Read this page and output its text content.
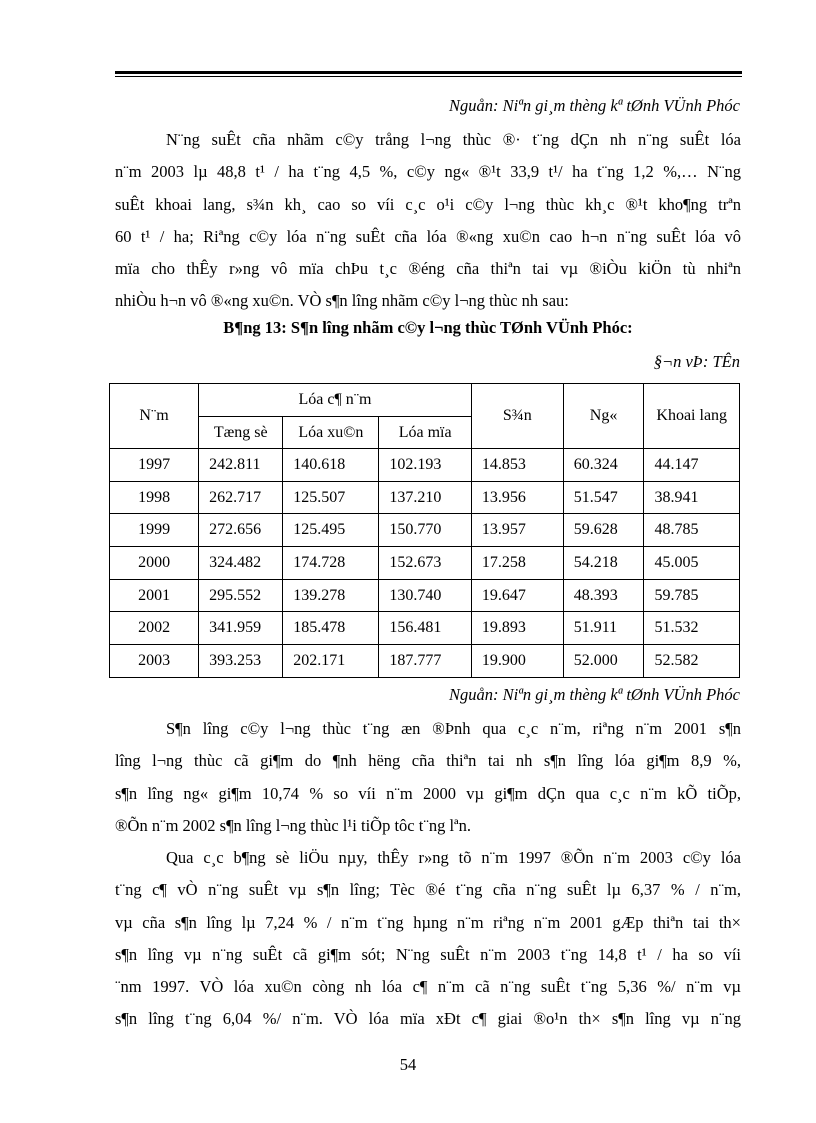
Nguån: Niªn gi¸m thèng kª tØnh VÜnh Phóc
N¨ng suÊt cña nhãm c©y trång l¬ng thùc ®· t¨ng dÇn nh n¨ng suÊt lóa
n¨m 2003 lµ 48,8 t¹ / ha t¨ng 4,5 %, c©y ng« ®¹t 33,9 t¹/ ha t¨ng 1,2 %,… N¨ng
suÊt khoai lang, s¾n kh¸ cao so víi c¸c o¹i c©y l¬ng thùc kh¸c ®¹t kho¶ng trªn
60 t¹ / ha; Riªng c©y lóa n¨ng suÊt cña lóa ®«ng xu©n cao h¬n n¨ng suÊt lóa vô
mïa cho thÊy r»ng vô mïa chÞu t¸c ®éng cña thiªn tai vµ ®iÒu kiÖn tù nhiªn
nhiÒu h¬n vô ®«ng xu©n. VÒ s¶n lîng nhãm c©y l¬ng thùc nh sau:
B¶ng 13: S¶n lîng nhãm c©y l¬ng thùc TØnh VÜnh Phóc:
§¬n vÞ: TÊn
N¨m	Lóa c¶ n¨m			S¾n	Ng«	Khoai lang
	Tæng sè	Lóa xu©n	Lóa mïa			
1997	242.811	140.618	102.193	14.853	60.324	44.147
1998	262.717	125.507	137.210	13.956	51.547	38.941
1999	272.656	125.495	150.770	13.957	59.628	48.785
2000	324.482	174.728	152.673	17.258	54.218	45.005
2001	295.552	139.278	130.740	19.647	48.393	59.785
2002	341.959	185.478	156.481	19.893	51.911	51.532
2003	393.253	202.171	187.777	19.900	52.000	52.582
Nguån: Niªn gi¸m thèng kª tØnh VÜnh Phóc
S¶n lîng c©y l¬ng thùc t¨ng æn ®Þnh qua c¸c n¨m, riªng n¨m 2001 s¶n
lîng l¬ng thùc cã gi¶m do ¶nh hëng cña thiªn tai nh s¶n lîng lóa gi¶m 8,9 %,
s¶n lîng ng« gi¶m 10,74 % so víi n¨m 2000 vµ gi¶m dÇn qua c¸c n¨m kÕ tiÕp,
®Õn n¨m 2002 s¶n lîng l¬ng thùc l¹i tiÕp tôc t¨ng lªn.
Qua c¸c b¶ng sè liÖu nµy, thÊy r»ng tõ n¨m 1997 ®Õn n¨m 2003 c©y lóa
t¨ng c¶ vÒ n¨ng suÊt vµ s¶n lîng; Tèc ®é t¨ng cña n¨ng suÊt lµ 6,37 % / n¨m,
vµ cña s¶n lîng lµ 7,24 % / n¨m t¨ng hµng n¨m riªng n¨m 2001 gÆp thiªn tai th×
s¶n lîng vµ n¨ng suÊt cã gi¶m sót; N¨ng suÊt n¨m 2003 t¨ng 14,8 t¹ / ha so víi
¨nm 1997. VÒ lóa xu©n còng nh lóa c¶ n¨m cã n¨ng suÊt t¨ng 5,36 %/ n¨m vµ
s¶n lîng t¨ng 6,04 %/ n¨m. VÒ lóa mïa xÐt c¶ giai ®o¹n th× s¶n lîng vµ n¨ng
54
